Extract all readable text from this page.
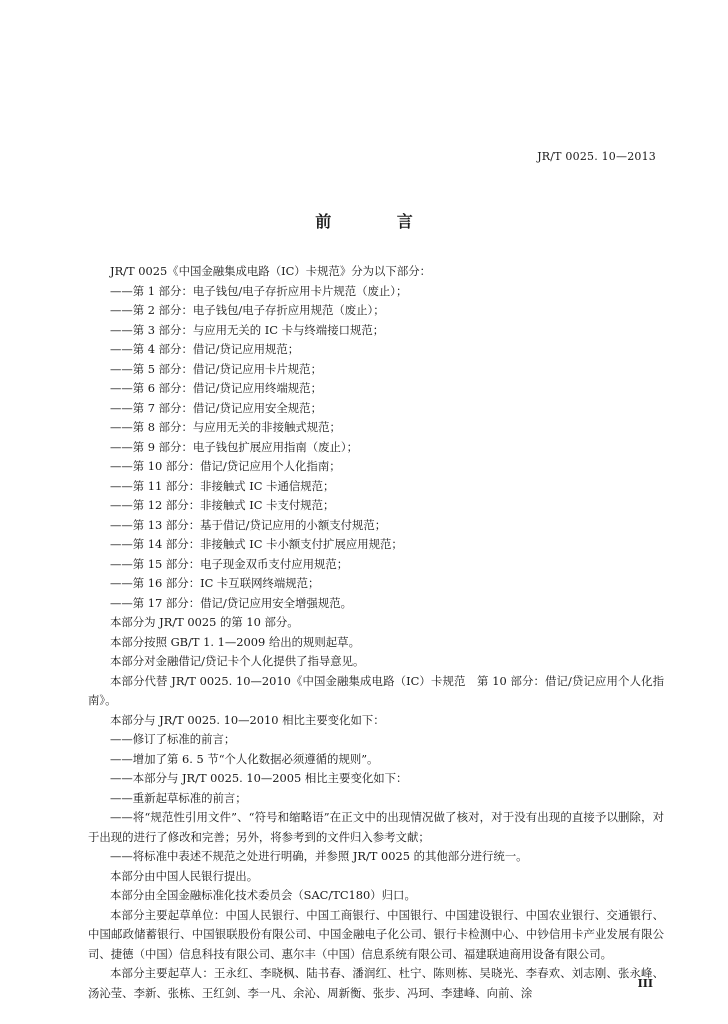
JR/T 0025. 10—2013
前 言

JR/T 0025《中国金融集成电路（IC）卡规范》分为以下部分：

——第 1 部分：电子钱包/电子存折应用卡片规范（废止）；

——第 2 部分：电子钱包/电子存折应用规范（废止）；

——第 3 部分：与应用无关的 IC 卡与终端接口规范；

——第 4 部分：借记/贷记应用规范；

——第 5 部分：借记/贷记应用卡片规范；

——第 6 部分：借记/贷记应用终端规范；

——第 7 部分：借记/贷记应用安全规范；

——第 8 部分：与应用无关的非接触式规范；

——第 9 部分：电子钱包扩展应用指南（废止）；

——第 10 部分：借记/贷记应用个人化指南；

——第 11 部分：非接触式 IC 卡通信规范；

——第 12 部分：非接触式 IC 卡支付规范；

——第 13 部分：基于借记/贷记应用的小额支付规范；

——第 14 部分：非接触式 IC 卡小额支付扩展应用规范；

——第 15 部分：电子现金双币支付应用规范；

——第 16 部分：IC 卡互联网终端规范；

——第 17 部分：借记/贷记应用安全增强规范。

本部分为 JR/T 0025 的第 10 部分。

本部分按照 GB/T 1. 1—2009 给出的规则起草。

本部分对金融借记/贷记卡个人化提供了指导意见。

本部分代替 JR/T 0025. 10—2010《中国金融集成电路（IC）卡规范　第 10 部分：借记/贷记应用个人化指南》。

本部分与 JR/T 0025. 10—2010 相比主要变化如下：

——修订了标准的前言；

——增加了第 6. 5 节“个人化数据必须遵循的规则”。

——本部分与 JR/T 0025. 10—2005 相比主要变化如下：

——重新起草标准的前言；

——将“规范性引用文件”、“符号和缩略语”在正文中的出现情况做了核对，对于没有出现的直接予以删除，对于出现的进行了修改和完善；另外，将参考到的文件归入参考文献；

——将标准中表述不规范之处进行明确，并参照 JR/T 0025 的其他部分进行统一。

本部分由中国人民银行提出。

本部分由全国金融标准化技术委员会（SAC/TC180）归口。

本部分主要起草单位：中国人民银行、中国工商银行、中国银行、中国建设银行、中国农业银行、交通银行、中国邮政储蓄银行、中国银联股份有限公司、中国金融电子化公司、银行卡检测中心、中钞信用卡产业发展有限公司、捷德（中国）信息科技有限公司、惠尔丰（中国）信息系统有限公司、福建联迪商用设备有限公司。

本部分主要起草人：王永红、李晓枫、陆书春、潘润红、杜宁、陈则栋、吴晓光、李春欢、刘志刚、张永峰、汤沁莹、李新、张栋、王红剑、李一凡、余沁、周新衡、张步、冯珂、李建峰、向前、涂

III
